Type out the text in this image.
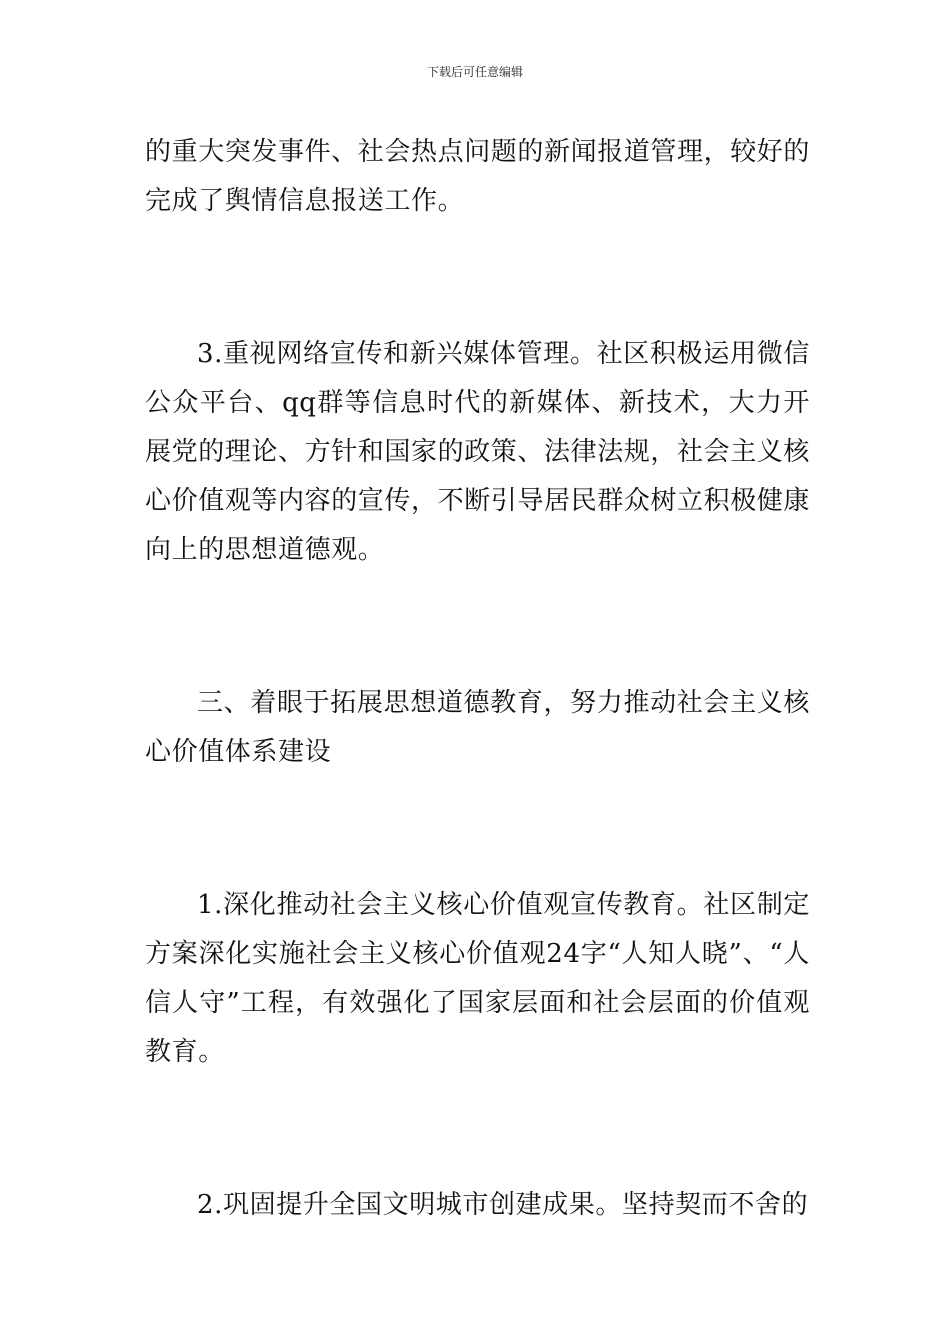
下载后可任意编辑

的重大突发事件、社会热点问题的新闻报道管理，较好的完成了舆情信息报送工作。

3.重视网络宣传和新兴媒体管理。社区积极运用微信公众平台、qq群等信息时代的新媒体、新技术，大力开展党的理论、方针和国家的政策、法律法规，社会主义核心价值观等内容的宣传，不断引导居民群众树立积极健康向上的思想道德观。

三、着眼于拓展思想道德教育，努力推动社会主义核心价值体系建设

1.深化推动社会主义核心价值观宣传教育。社区制定方案深化实施社会主义核心价值观24字“人知人晓”、“人信人守”工程，有效强化了国家层面和社会层面的价值观教育。

2.巩固提升全国文明城市创建成果。坚持契而不舍的
